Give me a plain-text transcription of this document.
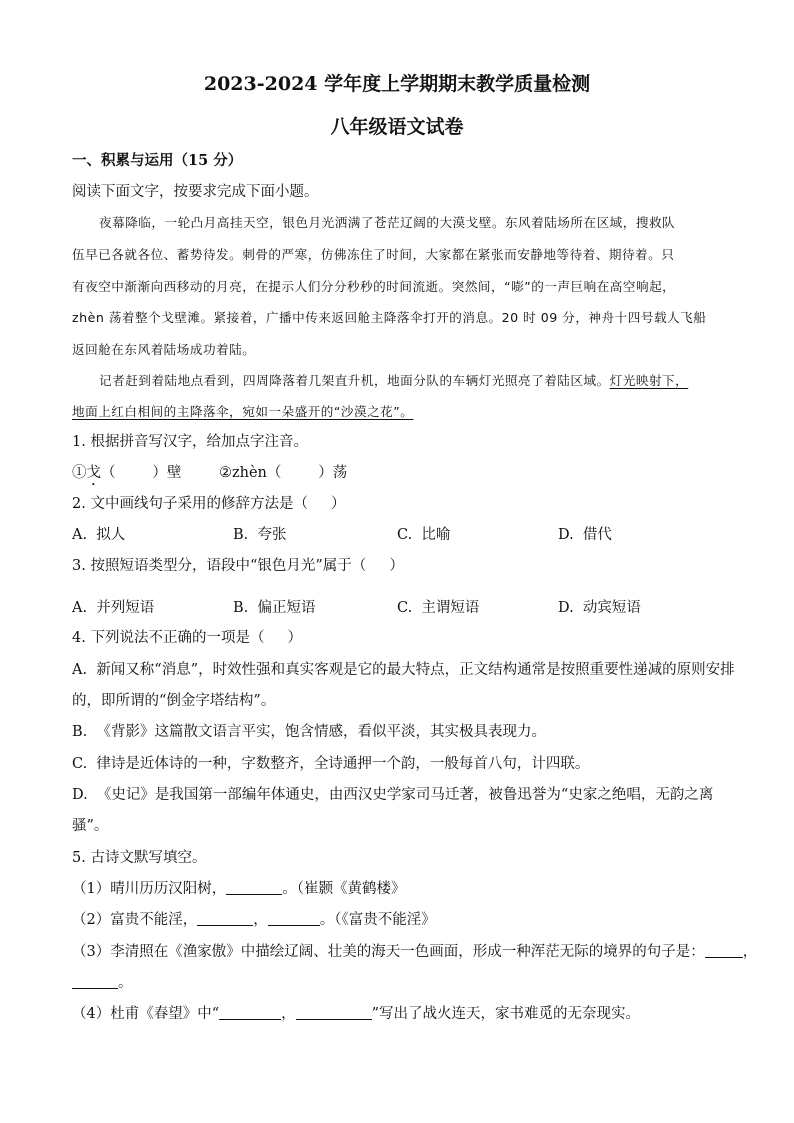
2023-2024 学年度上学期期末教学质量检测
八年级语文试卷
一、积累与运用（15 分）
阅读下面文字，按要求完成下面小题。
夜幕降临，一轮凸月高挂天空，银色月光洒满了苍茫辽阔的大漠戈壁。东风着陆场所在区域，搜救队
伍早已各就各位、蓄势待发。刺骨的严寒，仿佛冻住了时间，大家都在紧张而安静地等待着、期待着。只
有夜空中渐渐向西移动的月亮，在提示人们分分秒秒的时间流逝。突然间，“嘭”的一声巨响在高空响起，
zhèn 荡着整个戈壁滩。紧接着，广播中传来返回舱主降落伞打开的消息。20 时 09 分，神舟十四号载人飞船
返回舱在东风着陆场成功着陆。
记者赶到着陆地点看到，四周降落着几架直升机，地面分队的车辆灯光照亮了着陆区域。灯光映射下，
地面上红白相间的主降落伞，宛如一朵盛开的“沙漠之花”。
1. 根据拼音写汉字，给加点字注音。
①戈（        ）壁	②zhèn（        ）荡
2. 文中画线句子采用的修辞方法是（     ）
A.  拟人	B.  夸张	C.  比喻	D.  借代
3. 按照短语类型分，语段中“银色月光”属于（     ）
A.  并列短语	B.  偏正短语	C.  主谓短语	D.  动宾短语
4. 下列说法不正确的一项是（     ）
A.  新闻又称“消息”，时效性强和真实客观是它的最大特点，正文结构通常是按照重要性递减的原则安排
的，即所谓的“倒金字塔结构”。
B.  《背影》这篇散文语言平实，饱含情感，看似平淡，其实极具表现力。
C.  律诗是近体诗的一种，字数整齐，全诗通押一个韵，一般每首八句，计四联。
D.  《史记》是我国第一部编年体通史，由西汉史学家司马迁著，被鲁迅誉为“史家之绝唱，无韵之离
骚”。
5. 古诗文默写填空。
（1）晴川历历汉阳树，	。（崔颢《黄鹤楼》
（2）富贵不能淫，	，	。（《富贵不能淫》
（3）李清照在《渔家傲》中描绘辽阔、壮美的海天一色画面，形成一种浑茫无际的境界的句子是：	，
。
（4）杜甫《春望》中“	，	”写出了战火连天，家书难觅的无奈现实。
